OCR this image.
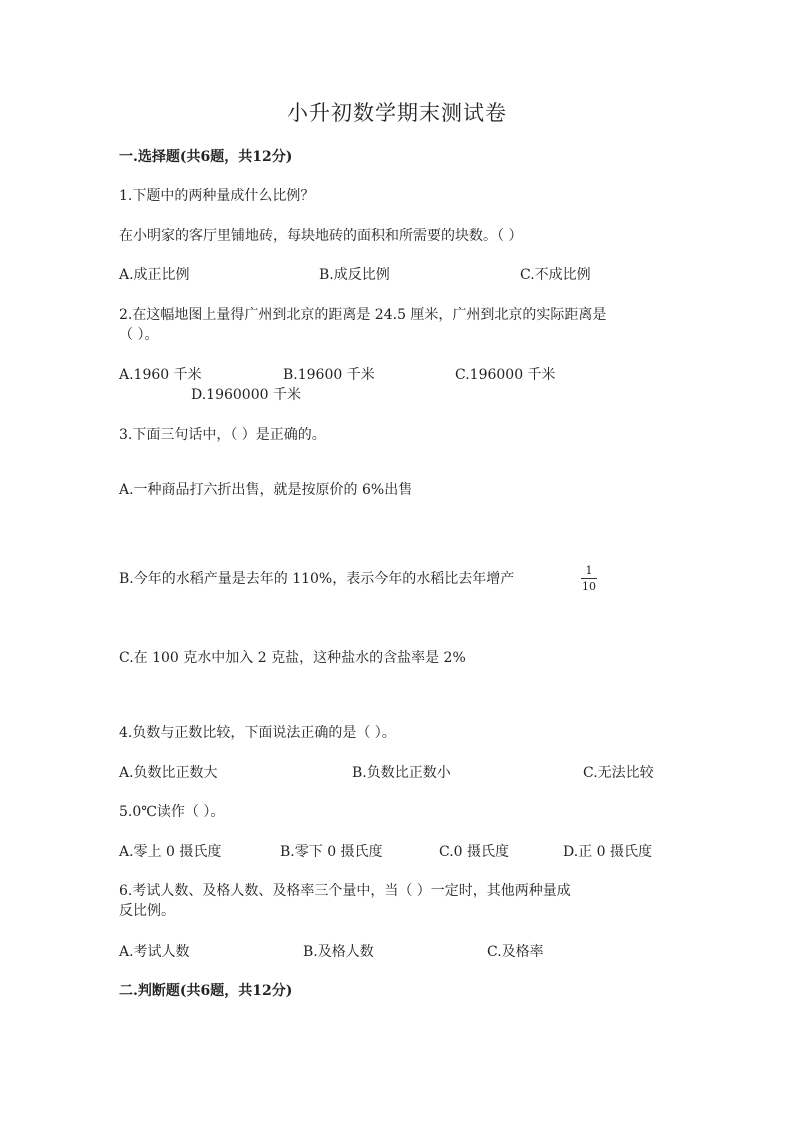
小升初数学期末测试卷
一.选择题(共6题，共12分)
1.下题中的两种量成什么比例？
在小明家的客厅里铺地砖，每块地砖的面积和所需要的块数。（ ）
A.成正比例	B.成反比例	C.不成比例
2.在这幅地图上量得广州到北京的距离是 24.5 厘米，广州到北京的实际距离是
（ ）。
A.1960 千米	B.19600 千米	C.196000 千米
D.1960000 千米
3.下面三句话中，（ ）是正确的。
A.一种商品打六折出售，就是按原价的 6%出售
B.今年的水稻产量是去年的 110%，表示今年的水稻比去年增产	$\frac{1}{10}$
C.在 100 克水中加入 2 克盐，这种盐水的含盐率是 2%
4.负数与正数比较，下面说法正确的是（ ）。
A.负数比正数大	B.负数比正数小	C.无法比较
5.0℃读作（ ）。
A.零上 0 摄氏度	B.零下 0 摄氏度	C.0 摄氏度	D.正 0 摄氏度
6.考试人数、及格人数、及格率三个量中，当（ ）一定时，其他两种量成
反比例。
A.考试人数	B.及格人数	C.及格率
二.判断题(共6题，共12分)
